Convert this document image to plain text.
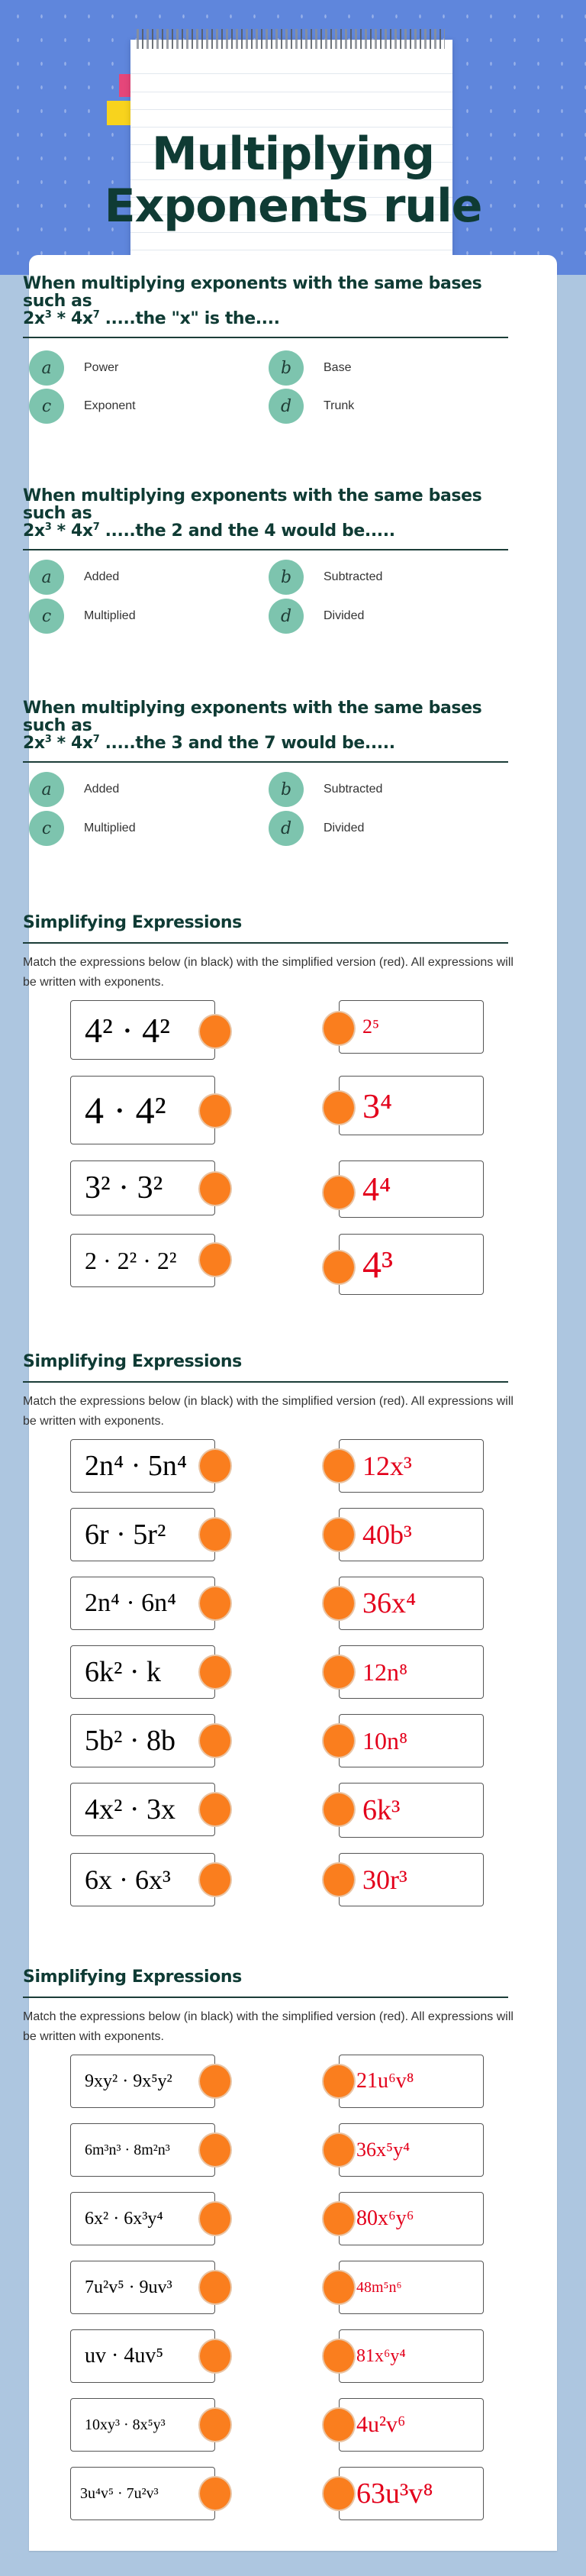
Multiplying
Exponents rule
When multiplying exponents with the same bases
such as
$2x^3 * 4x^7$ .....the "x" is the....
a	Power	b	Base
c	Exponent	d	Trunk
When multiplying exponents with the same bases
such as
$2x^3 * 4x^7$ .....the 2 and the 4 would be.....
a	Added	b	Subtracted
c	Multiplied	d	Divided
When multiplying exponents with the same bases
such as
$2x^3 * 4x^7$ .....the 3 and the 7 would be.....
a	Added	b	Subtracted
c	Multiplied	d	Divided
Simplifying Expressions
Match the expressions below (in black) with the simplified version (red). All expressions will be written with exponents.
4² · 4²	2⁵
4 · 4²	3⁴
3² · 3²	4⁴
2 · 2² · 2²	4³
Simplifying Expressions
Match the expressions below (in black) with the simplified version (red). All expressions will be written with exponents.
2n⁴ · 5n⁴	12x³
6r · 5r²	40b³
2n⁴ · 6n⁴	36x⁴
6k² · k	12n⁸
5b² · 8b	10n⁸
4x² · 3x	6k³
6x · 6x³	30r³
Simplifying Expressions
Match the expressions below (in black) with the simplified version (red). All expressions will be written with exponents.
9xy² · 9x⁵y²	21u⁶v⁸
6m³n³ · 8m²n³	36x⁵y⁴
6x² · 6x³y⁴	80x⁶y⁶
7u²v⁵ · 9uv³	48m⁵n⁶
uv · 4uv⁵	81x⁶y⁴
10xy³ · 8x⁵y³	4u²v⁶
3u⁴v⁵ · 7u²v³	63u³v⁸
